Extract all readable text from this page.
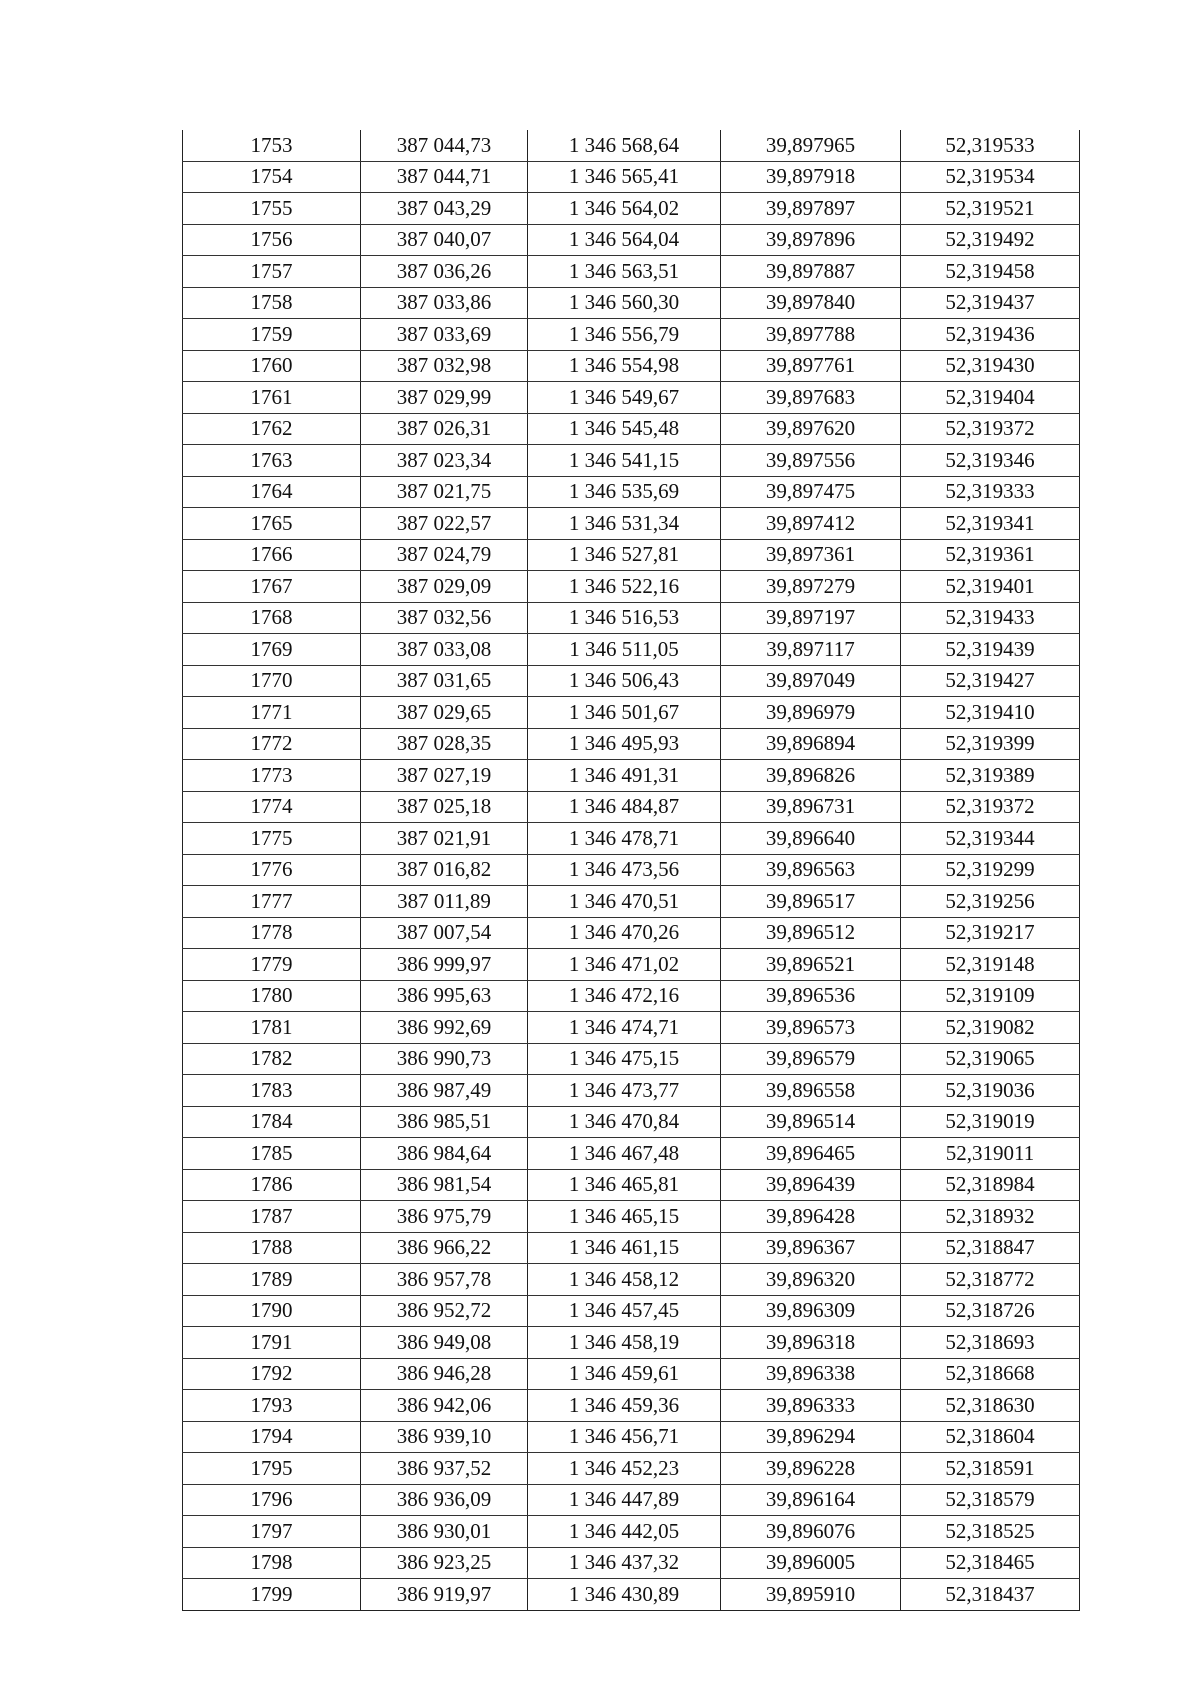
1753	387 044,73	1 346 568,64	39,897965	52,319533
1754	387 044,71	1 346 565,41	39,897918	52,319534
1755	387 043,29	1 346 564,02	39,897897	52,319521
1756	387 040,07	1 346 564,04	39,897896	52,319492
1757	387 036,26	1 346 563,51	39,897887	52,319458
1758	387 033,86	1 346 560,30	39,897840	52,319437
1759	387 033,69	1 346 556,79	39,897788	52,319436
1760	387 032,98	1 346 554,98	39,897761	52,319430
1761	387 029,99	1 346 549,67	39,897683	52,319404
1762	387 026,31	1 346 545,48	39,897620	52,319372
1763	387 023,34	1 346 541,15	39,897556	52,319346
1764	387 021,75	1 346 535,69	39,897475	52,319333
1765	387 022,57	1 346 531,34	39,897412	52,319341
1766	387 024,79	1 346 527,81	39,897361	52,319361
1767	387 029,09	1 346 522,16	39,897279	52,319401
1768	387 032,56	1 346 516,53	39,897197	52,319433
1769	387 033,08	1 346 511,05	39,897117	52,319439
1770	387 031,65	1 346 506,43	39,897049	52,319427
1771	387 029,65	1 346 501,67	39,896979	52,319410
1772	387 028,35	1 346 495,93	39,896894	52,319399
1773	387 027,19	1 346 491,31	39,896826	52,319389
1774	387 025,18	1 346 484,87	39,896731	52,319372
1775	387 021,91	1 346 478,71	39,896640	52,319344
1776	387 016,82	1 346 473,56	39,896563	52,319299
1777	387 011,89	1 346 470,51	39,896517	52,319256
1778	387 007,54	1 346 470,26	39,896512	52,319217
1779	386 999,97	1 346 471,02	39,896521	52,319148
1780	386 995,63	1 346 472,16	39,896536	52,319109
1781	386 992,69	1 346 474,71	39,896573	52,319082
1782	386 990,73	1 346 475,15	39,896579	52,319065
1783	386 987,49	1 346 473,77	39,896558	52,319036
1784	386 985,51	1 346 470,84	39,896514	52,319019
1785	386 984,64	1 346 467,48	39,896465	52,319011
1786	386 981,54	1 346 465,81	39,896439	52,318984
1787	386 975,79	1 346 465,15	39,896428	52,318932
1788	386 966,22	1 346 461,15	39,896367	52,318847
1789	386 957,78	1 346 458,12	39,896320	52,318772
1790	386 952,72	1 346 457,45	39,896309	52,318726
1791	386 949,08	1 346 458,19	39,896318	52,318693
1792	386 946,28	1 346 459,61	39,896338	52,318668
1793	386 942,06	1 346 459,36	39,896333	52,318630
1794	386 939,10	1 346 456,71	39,896294	52,318604
1795	386 937,52	1 346 452,23	39,896228	52,318591
1796	386 936,09	1 346 447,89	39,896164	52,318579
1797	386 930,01	1 346 442,05	39,896076	52,318525
1798	386 923,25	1 346 437,32	39,896005	52,318465
1799	386 919,97	1 346 430,89	39,895910	52,318437
